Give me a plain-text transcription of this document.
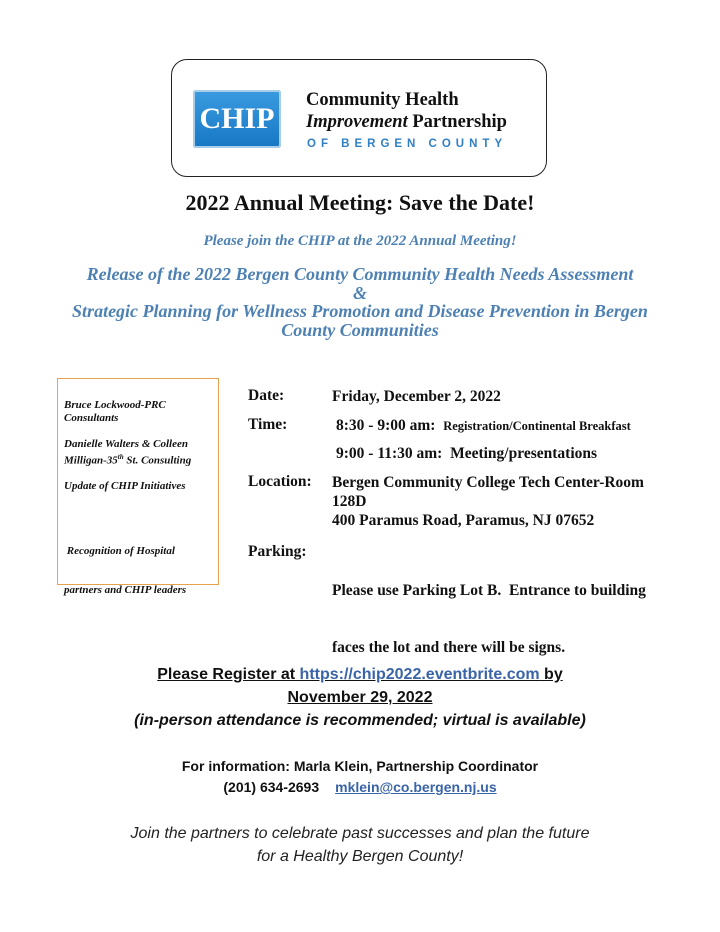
CHIP
Community Health
Improvement Partnership
OF BERGEN COUNTY
2022 Annual Meeting: Save the Date!
Please join the CHIP at the 2022 Annual Meeting!
Release of the 2022 Bergen County Community Health Needs Assessment
&
Strategic Planning for Wellness Promotion and Disease Prevention in Bergen
County Communities
Bruce Lockwood-PRC
Consultants
Danielle Walters & Colleen
Milligan-35th St. Consulting
Update of CHIP Initiatives

Recognition of Hospital

partners and CHIP leaders

Date:	Friday, December 2, 2022
Time:	8:30 - 9:00 am: Registration/Continental Breakfast
9:00 - 11:30 am:  Meeting/presentations
Location: Bergen Community College Tech Center-Room
128D
400 Paramus Road, Paramus, NJ 07652
Parking:

Please use Parking Lot B.  Entrance to building

faces the lot and there will be signs.

Please Register at https://chip2022.eventbrite.com by
November 29, 2022
(in-person attendance is recommended; virtual is available)
For information: Marla Klein, Partnership Coordinator
(201) 634-2693 mklein@co.bergen.nj.us
Join the partners to celebrate past successes and plan the future
for a Healthy Bergen County!
